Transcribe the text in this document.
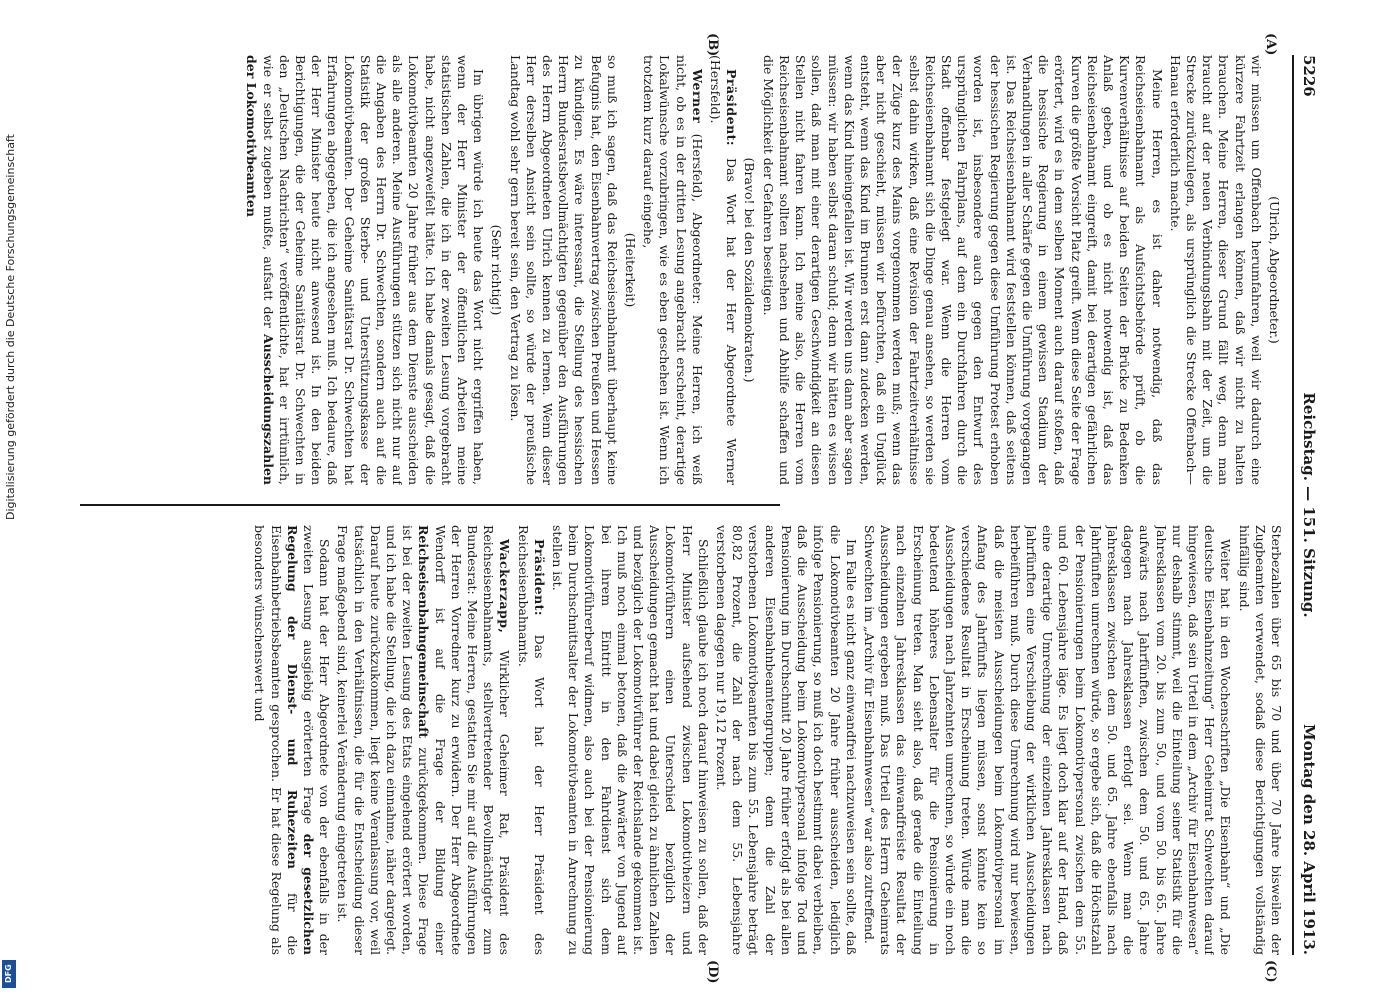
Digitalisierung gefördert durch die Deutsche Forschungsgemeinschaft
DFG
5226
Reichstag. — 151. Sitzung.
Montag den 28. April 1913.
(A)
(B)
(C)
(D)

(Ulrich, Abgeordneter.)

wir müssen um Offenbach herumfahren, weil wir dadurch eine kürzere Fahrtzeit erlangen können, daß wir nicht zu halten brauchen. Meine Herren, dieser Grund fällt weg, denn man braucht auf der neuen Verbindungsbahn mit der Zeit, um die Strecke zurückzulegen, als ursprünglich die Strecke Offenbach—Hanau erforderlich machte.

Meine Herren, es ist daher notwendig, daß das Reichseisenbahnamt als Aufsichtsbehörde prüft, ob die Kurvenverhältnisse auf beiden Seiten der Brücke zu Bedenken Anlaß geben, und ob es nicht notwendig ist, daß das Reichseisenbahnamt eingreift, damit bei derartigen gefährlichen Kurven die größte Vorsicht Platz greift. Wenn diese Seite der Frage erörtert, wird es in dem selben Moment auch darauf stoßen, daß die hessische Regierung in einem gewissen Stadium der Verhandlungen in aller Schärfe gegen die Umführung vorgegangen ist. Das Reichseisenbahnamt wird feststellen können, daß seitens der hessischen Regierung gegen diese Umführung Protest erhoben worden ist, insbesondere auch gegen den Entwurf des ursprünglichen Fahrplans, auf dem ein Durchfahren durch die Stadt offenbar festgelegt war. Wenn die Herren vom Reichseisenbahnamt sich die Dinge genau ansehen, so werden sie selbst dahin wirken, daß eine Revision der Fahrtzeitverhältnisse der Züge kurz des Mains vorgenommen werden muß; wenn das aber nicht geschieht, müssen wir befürchten, daß ein Unglück entsteht, wenn das Kind im Brunnen erst dann zudecken werden, wenn das Kind hineingefallen ist. Wir werden uns dann aber sagen müssen: wir haben selbst daran schuld; denn wir hätten es wissen sollen, daß man mit einer derartigen Geschwindigkeit an diesen Stellen nicht fahren kann. Ich meine also, die Herren vom Reichseisenbahnamt sollten nachsehen und Abhilfe schaffen und die Möglichkeit der Gefahren beseitigen.

(Bravo! bei den Sozialdemokraten.)

Präsident: Das Wort hat der Herr Abgeordnete Werner (Hersfeld).

Werner (Hersfeld), Abgeordneter: Meine Herren, ich weiß nicht, ob es in der dritten Lesung angebracht erscheint, derartige Lokalwünsche vorzubringen, wie es eben geschehen ist. Wenn ich trotzdem kurz darauf eingehe,

(Heiterkeit)

so muß ich sagen, daß das Reichseisenbahnamt überhaupt keine Befugnis hat, den Eisenbahnvertrag zwischen Preußen und Hessen zu kündigen. Es wäre interessant, die Stellung des hessischen Herrn Bundesratsbevollmächtigten gegenüber den Ausführungen des Herrn Abgeordneten Ulrich kennen zu lernen. Wenn dieser Herr derselben Ansicht sein sollte, so würde der preußische Landtag wohl sehr gern bereit sein, den Vertrag zu lösen.

(Sehr richtig!)

Im übrigen würde ich heute das Wort nicht ergriffen haben, wenn der Herr Minister der öffentlichen Arbeiten meine statistischen Zahlen, die ich in der zweiten Lesung vorgebracht habe, nicht angezweifelt hätte. Ich habe damals gesagt, daß die Lokomotivbeamten 20 Jahre früher aus dem Dienste ausscheiden als alle anderen. Meine Ausführungen stützen sich nicht nur auf die Angaben des Herrn Dr. Schwechten, sondern auch auf die Statistik der großen Sterbe- und Unterstützungskasse der Lokomotivbeamten. Der Geheime Sanitätsrat Dr. Schwechten hat Erfahrungen abgegeben, die ich angesehen muß. Ich bedaure, daß der Herr Minister heute nicht anwesend ist. In den beiden Berichtigungen, die der Geheime Sanitätsrat Dr. Schwechten in den „Deutschen Nachrichten“ veröffentlichte, hat er irrtümlich, wie er selbst zugeben mußte, aufsatt der Ausscheidungszahlen der Lokomotivbeamten

Sterbezahlen über 65 bis 70 und über 70 Jahre bisweilen der Zugbeamten verwendet, sodaß diese Berichtigungen vollständig hinfällig sind.

Weiter hat in den Wochenschriften „Die Eisenbahn“ und „Die deutsche Eisenbahnzeitung“ Herr Geheimrat Schwechten darauf hingewiesen, daß sein Urteil in dem „Archiv für Eisenbahnwesen“ nur deshalb stimmt, weil die Einteilung seiner Statistik für die Jahresklassen vom 20. bis zum 50., und vom 50. bis 65. Jahre aufwärts nach Jahrfünften, zwischen dem 50. und 65. Jahre dagegen nach Jahresklassen erfolgt sei. Wenn man die Jahresklassen zwischen dem 50. und 65. Jahre ebenfalls nach Jahrfünften umrechnen würde, so ergebe sich, daß die Höchstzahl der Pensionierungen beim Lokomotivpersonal zwischen dem 55. und 60. Lebensjahre läge. Es liegt doch klar auf der Hand, daß eine derartige Umrechnung der einzelnen Jahresklassen nach Jahrfünften eine Verschiebung der wirklichen Ausscheidungen herbeiführen muß. Durch diese Umrechnung wird nur bewiesen, daß die meisten Ausscheidungen beim Lokomotivpersonal im Anfang des Jahrfünfts liegen müssen, sonst könnte kein so verschiedenes Resultat in Erscheinung treten. Würde man die Ausscheidungen nach Jahrzehnten umrechnen, so würde ein noch bedeutend höheres Lebensalter für die Pensionierung in Erscheinung treten. Man sieht also, daß gerade die Einteilung nach einzelnen Jahresklassen das einwandfreiste Resultat der Ausscheidungen ergeben muß. Das Urteil des Herrn Geheimrats Schwechten im „Archiv für Eisenbahnwesen“ war also zutreffend.

Im Falle es nicht ganz einwandfrei nachzuweisen sein sollte, daß die Lokomotivbeamten 20 Jahre früher ausscheiden, lediglich infolge Pensionierung, so muß ich doch bestimmt dabei verbleiben, daß die Ausscheidung beim Lokomotivpersonal infolge Tod und Pensionierung im Durchschnitt 20 Jahre früher erfolgt als bei allen anderen Eisenbahnbeamtengruppen; denn die Zahl der verstorbenen Lokomotivbeamten bis zum 55. Lebensjahre beträgt 80,82 Prozent, die Zahl der nach dem 55. Lebensjahre verstorbenen dagegen nur 19,12 Prozent.

Schließlich glaube ich noch darauf hinweisen zu sollen, daß der Herr Minister aufsehend zwischen Lokomotivheizern und Lokomotivführern einen Unterschied bezüglich der Ausscheidungen gemacht hat und dabei gleich zu ähnlichen Zahlen und bezüglich der Lokomotivführer der Reichslande gekommen ist. Ich muß noch einmal betonen, daß die Anwärter von Jugend auf bei ihrem Eintritt in den Fahrdienst sich dem Lokomotivführerberuf widmen, also auch bei der Pensionierung beim Durchschnittsalter der Lokomotivbeamten in Anrechnung zu stellen ist.

Präsident: Das Wort hat der Herr Präsident des Reichseisenbahnamts.

Wackerzapp, Wirklicher Geheimer Rat, Präsident des Reichseisenbahnamts, stellvertretender Bevollmächtigter zum Bundesrat: Meine Herren, gestatten Sie mir auf die Ausführungen der Herren Vorredner kurz zu erwidern. Der Herr Abgeordnete Wendorff ist auf die Frage der Bildung einer Reichseisenbahngemeinschaft zurückgekommen. Diese Frage ist bei der zweiten Lesung des Etats eingehend erörtert worden, und ich habe die Stellung, die ich dazu einnahme, näher dargelegt. Darauf heute zurückzukommen, liegt keine Veranlassung vor, weil tatsächlich in den Verhältnissen, die für die Entscheidung dieser Frage maßgebend sind, keinerlei Veränderung eingetreten ist.

Sodann hat der Herr Abgeordnete von der ebenfalls in der zweiten Lesung ausgiebig erörterten Frage der gesetzlichen Regelung der Dienst- und Ruhezeiten für die Eisenbahnbetriebsbeamten gesprochen. Er hat diese Regelung als besonders wünschenswert und
